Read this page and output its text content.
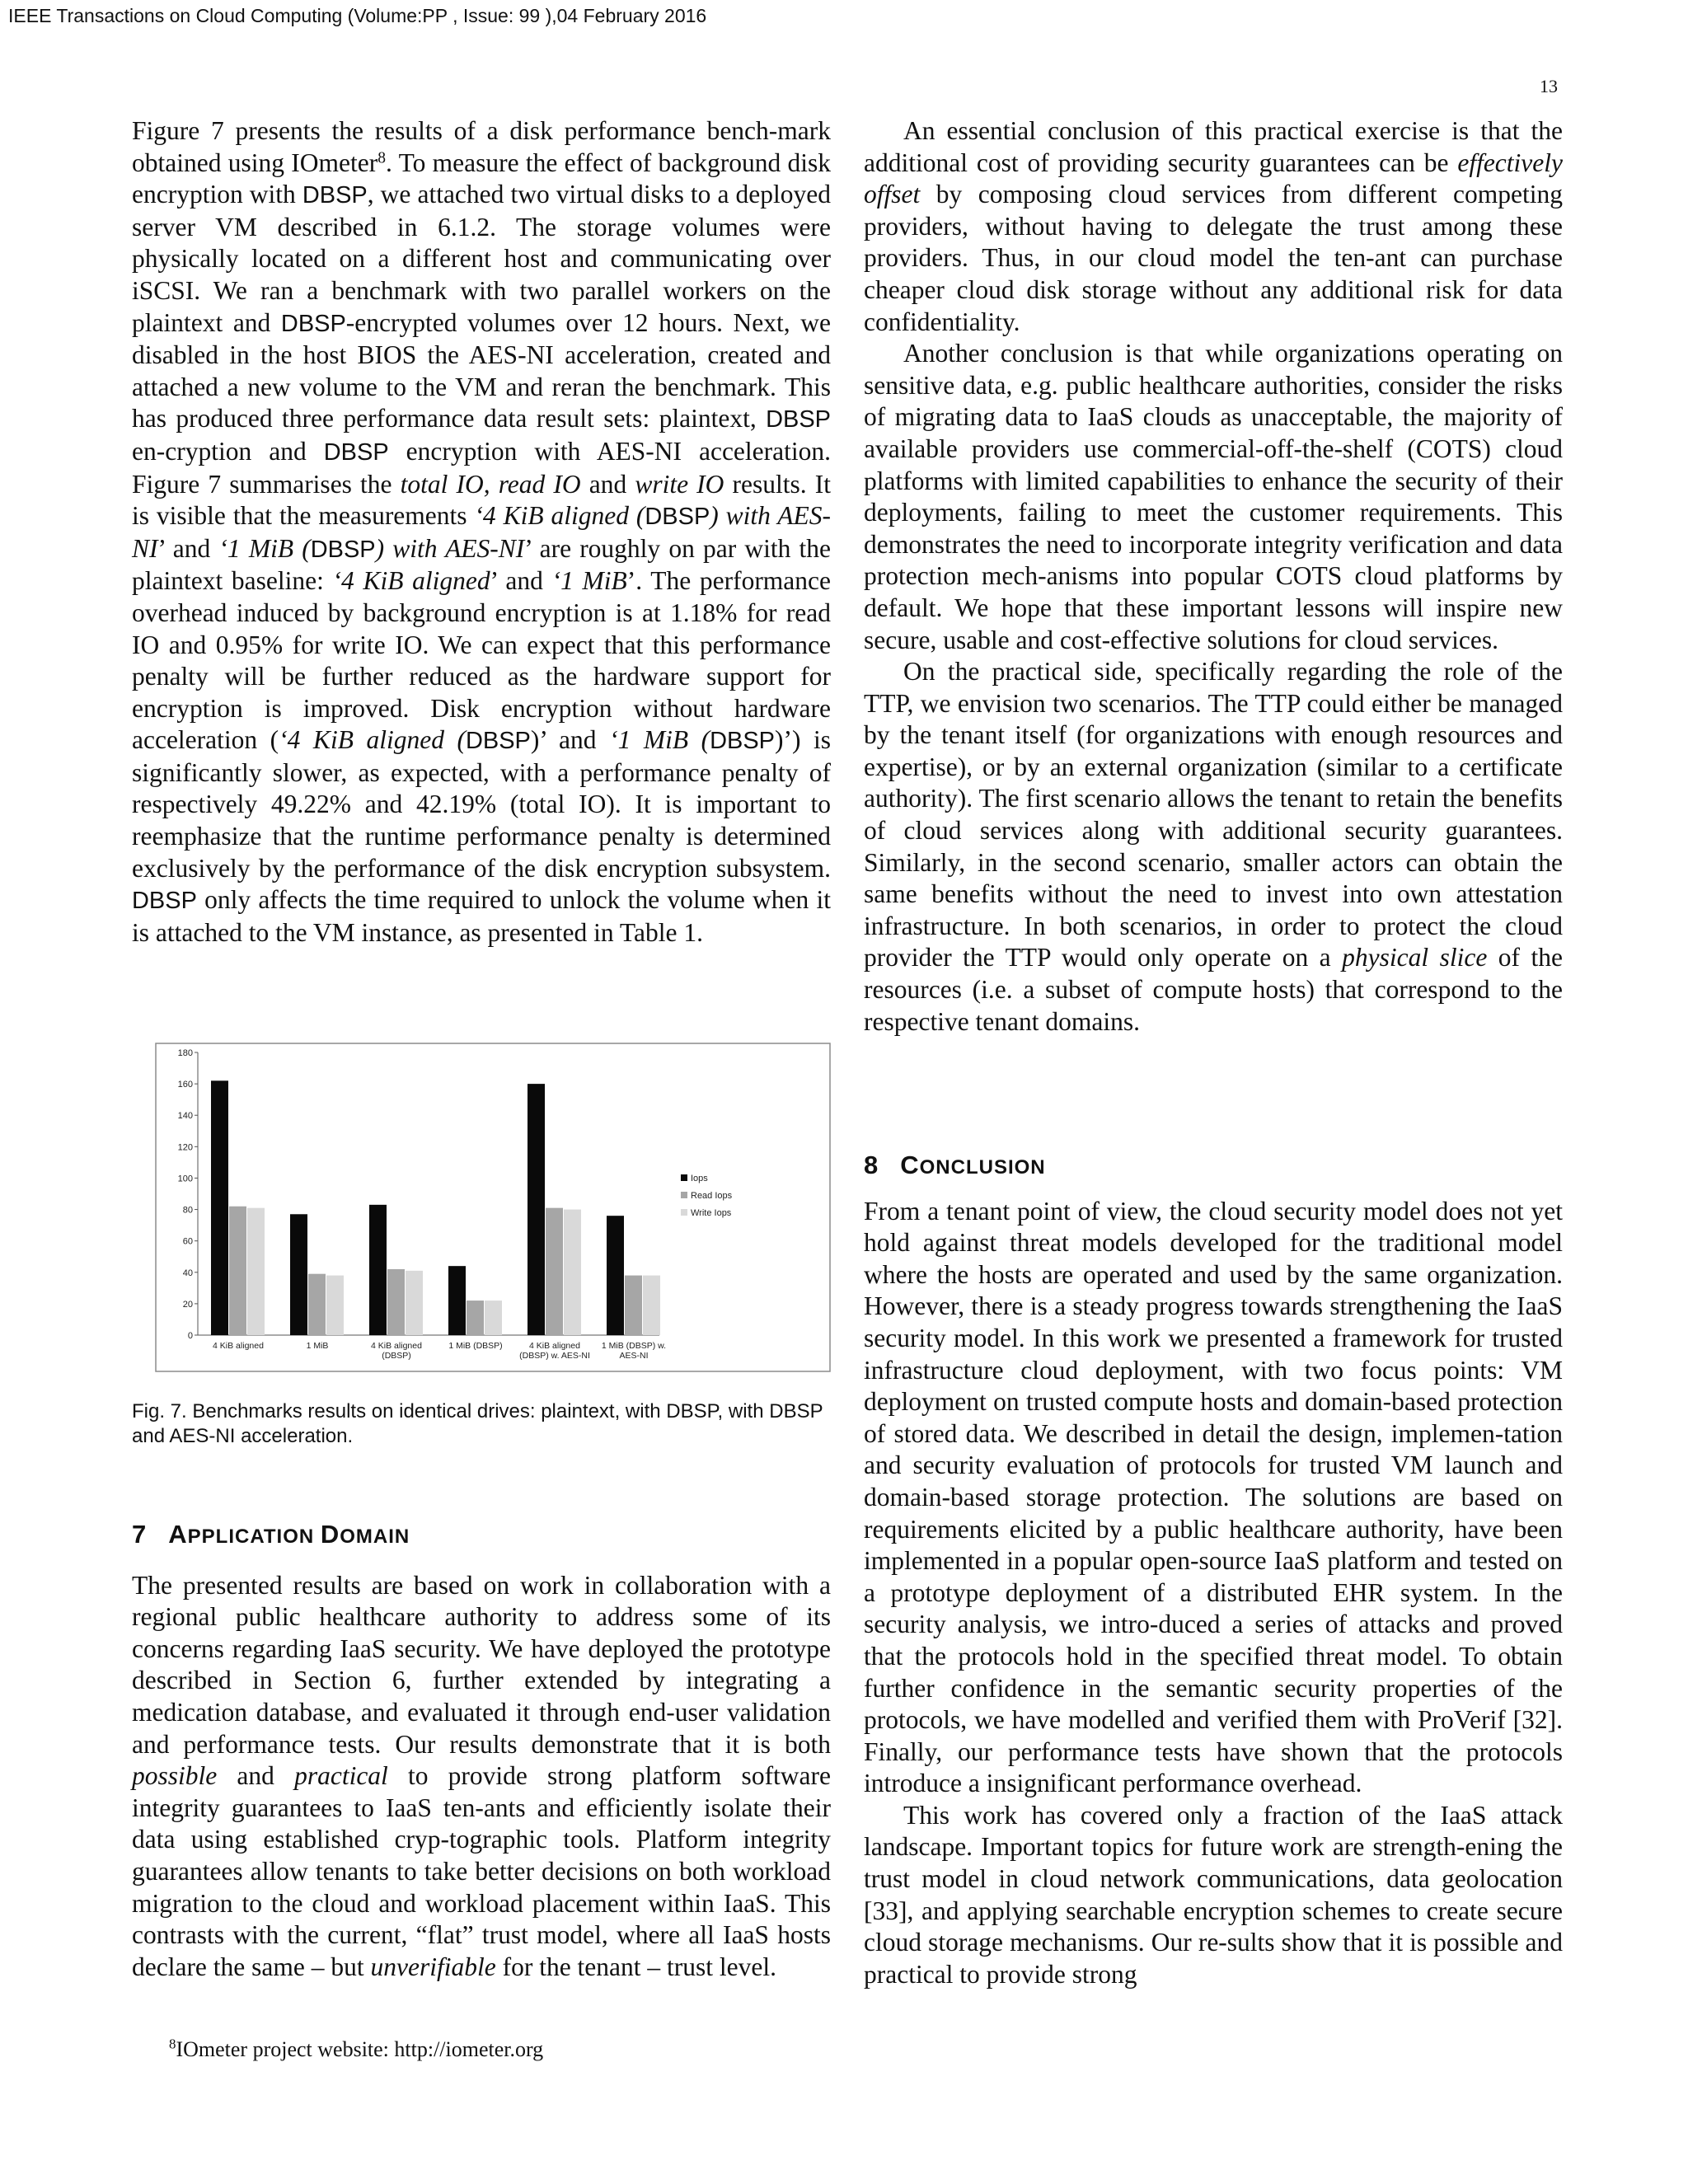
IEEE Transactions on Cloud Computing (Volume:PP , Issue: 99 ),04 February 2016
13

Figure 7 presents the results of a disk performance bench-mark obtained using IOmeter$^8$. To measure the effect of background disk encryption with DBSP, we attached two virtual disks to a deployed server VM described in 6.1.2. The storage volumes were physically located on a different host and communicating over iSCSI. We ran a benchmark with two parallel workers on the plaintext and DBSP-encrypted volumes over 12 hours. Next, we disabled in the host BIOS the AES-NI acceleration, created and attached a new volume to the VM and reran the benchmark. This has produced three performance data result sets: plaintext, DBSP en-cryption and DBSP encryption with AES-NI acceleration. Figure 7 summarises the total IO, read IO and write IO results. It is visible that the measurements ‘4 KiB aligned (DBSP) with AES-NI’ and ‘1 MiB (DBSP) with AES-NI’ are roughly on par with the plaintext baseline: ‘4 KiB aligned’ and ‘1 MiB’. The performance overhead induced by background encryption is at 1.18% for read IO and 0.95% for write IO. We can expect that this performance penalty will be further reduced as the hardware support for encryption is improved. Disk encryption without hardware acceleration (‘4 KiB aligned (DBSP)’ and ‘1 MiB (DBSP)’) is significantly slower, as expected, with a performance penalty of respectively 49.22% and 42.19% (total IO). It is important to reemphasize that the runtime performance penalty is determined exclusively by the performance of the disk encryption subsystem. DBSP only affects the time required to unlock the volume when it is attached to the VM instance, as presented in Table 1.

0
20
40
60
80
100
120
140
160
180
4 KiB aligned	1 MiB	4 KiB aligned
(DBSP)
1 MiB (DBSP)	4 KiB aligned
(DBSP) w. AES-NI
1 MiB (DBSP) w.
AES-NI
Iops
Read Iops
Write Iops
Fig. 7. Benchmarks results on identical drives: plaintext, with DBSP, with DBSP and AES-NI acceleration.
7 APPLICATION DOMAIN

The presented results are based on work in collaboration with a regional public healthcare authority to address some of its concerns regarding IaaS security. We have deployed the prototype described in Section 6, further extended by integrating a medication database, and evaluated it through end-user validation and performance tests. Our results demonstrate that it is both possible and practical to provide strong platform software integrity guarantees to IaaS ten-ants and efficiently isolate their data using established cryp-tographic tools. Platform integrity guarantees allow tenants to take better decisions on both workload migration to the cloud and workload placement within IaaS. This contrasts with the current, “flat” trust model, where all IaaS hosts declare the same – but unverifiable for the tenant – trust level.

$^8$IOmeter project website: http://iometer.org

An essential conclusion of this practical exercise is that the additional cost of providing security guarantees can be effectively offset by composing cloud services from different competing providers, without having to delegate the trust among these providers. Thus, in our cloud model the ten-ant can purchase cheaper cloud disk storage without any additional risk for data confidentiality.

Another conclusion is that while organizations operating on sensitive data, e.g. public healthcare authorities, consider the risks of migrating data to IaaS clouds as unacceptable, the majority of available providers use commercial-off-the-shelf (COTS) cloud platforms with limited capabilities to enhance the security of their deployments, failing to meet the customer requirements. This demonstrates the need to incorporate integrity verification and data protection mech-anisms into popular COTS cloud platforms by default. We hope that these important lessons will inspire new secure, usable and cost-effective solutions for cloud services.

On the practical side, specifically regarding the role of the TTP, we envision two scenarios. The TTP could either be managed by the tenant itself (for organizations with enough resources and expertise), or by an external organization (similar to a certificate authority). The first scenario allows the tenant to retain the benefits of cloud services along with additional security guarantees. Similarly, in the second scenario, smaller actors can obtain the same benefits without the need to invest into own attestation infrastructure. In both scenarios, in order to protect the cloud provider the TTP would only operate on a physical slice of the resources (i.e. a subset of compute hosts) that correspond to the respective tenant domains.

8 CONCLUSION

From a tenant point of view, the cloud security model does not yet hold against threat models developed for the traditional model where the hosts are operated and used by the same organization. However, there is a steady progress towards strengthening the IaaS security model. In this work we presented a framework for trusted infrastructure cloud deployment, with two focus points: VM deployment on trusted compute hosts and domain-based protection of stored data. We described in detail the design, implemen-tation and security evaluation of protocols for trusted VM launch and domain-based storage protection. The solutions are based on requirements elicited by a public healthcare authority, have been implemented in a popular open-source IaaS platform and tested on a prototype deployment of a distributed EHR system. In the security analysis, we intro-duced a series of attacks and proved that the protocols hold in the specified threat model. To obtain further confidence in the semantic security properties of the protocols, we have modelled and verified them with ProVerif [32]. Finally, our performance tests have shown that the protocols introduce a insignificant performance overhead.

This work has covered only a fraction of the IaaS attack landscape. Important topics for future work are strength-ening the trust model in cloud network communications, data geolocation [33], and applying searchable encryption schemes to create secure cloud storage mechanisms. Our re-sults show that it is possible and practical to provide strong
